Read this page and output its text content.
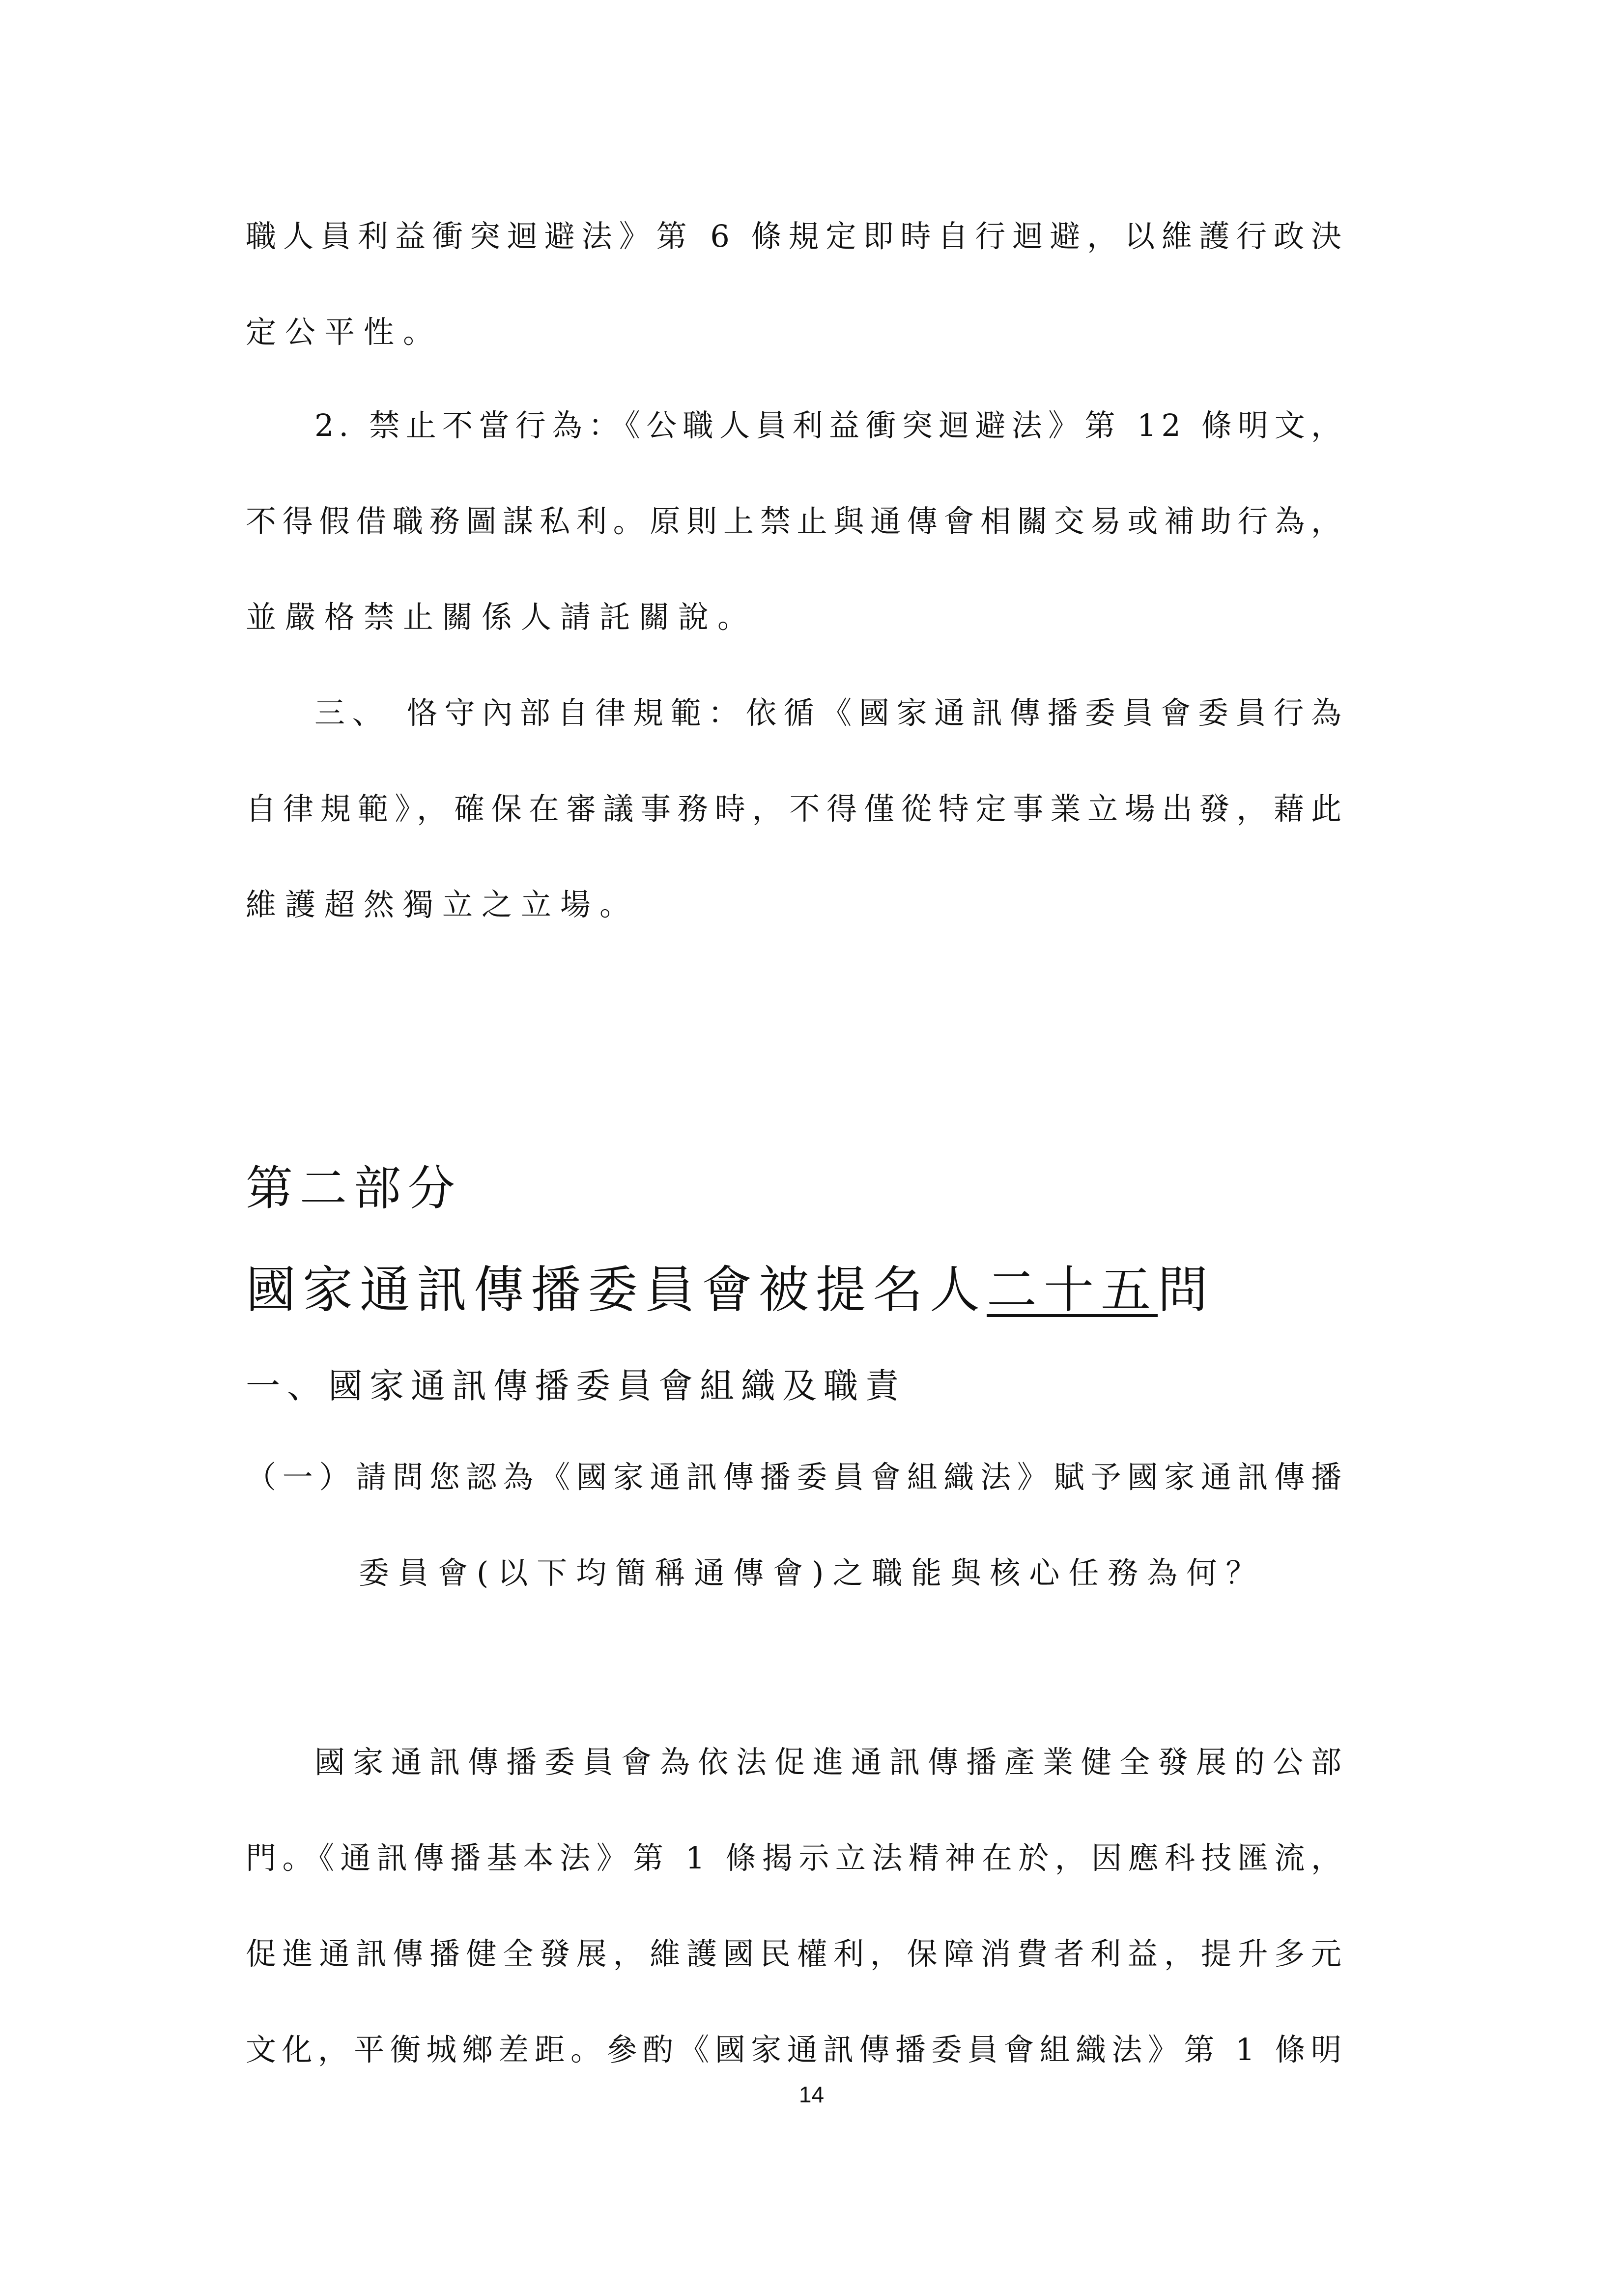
職人員利益衝突迴避法》第 6 條規定即時自行迴避，以維護行政決
定公平性。
2. 禁止不當行為：《公職人員利益衝突迴避法》第 12 條明文，
不得假借職務圖謀私利。原則上禁止與通傳會相關交易或補助行為，
並嚴格禁止關係人請託關說。
三、 恪守內部自律規範：依循《國家通訊傳播委員會委員行為
自律規範》，確保在審議事務時，不得僅從特定事業立場出發，藉此
維護超然獨立之立場。
第二部分
國家通訊傳播委員會被提名人二十五問
一、國家通訊傳播委員會組織及職責
（一）請問您認為《國家通訊傳播委員會組織法》賦予國家通訊傳播
委員會(以下均簡稱通傳會)之職能與核心任務為何？
國家通訊傳播委員會為依法促進通訊傳播產業健全發展的公部
門。《通訊傳播基本法》第 1 條揭示立法精神在於，因應科技匯流，
促進通訊傳播健全發展，維護國民權利，保障消費者利益，提升多元
文化，平衡城鄉差距。參酌《國家通訊傳播委員會組織法》第 1 條明
14
